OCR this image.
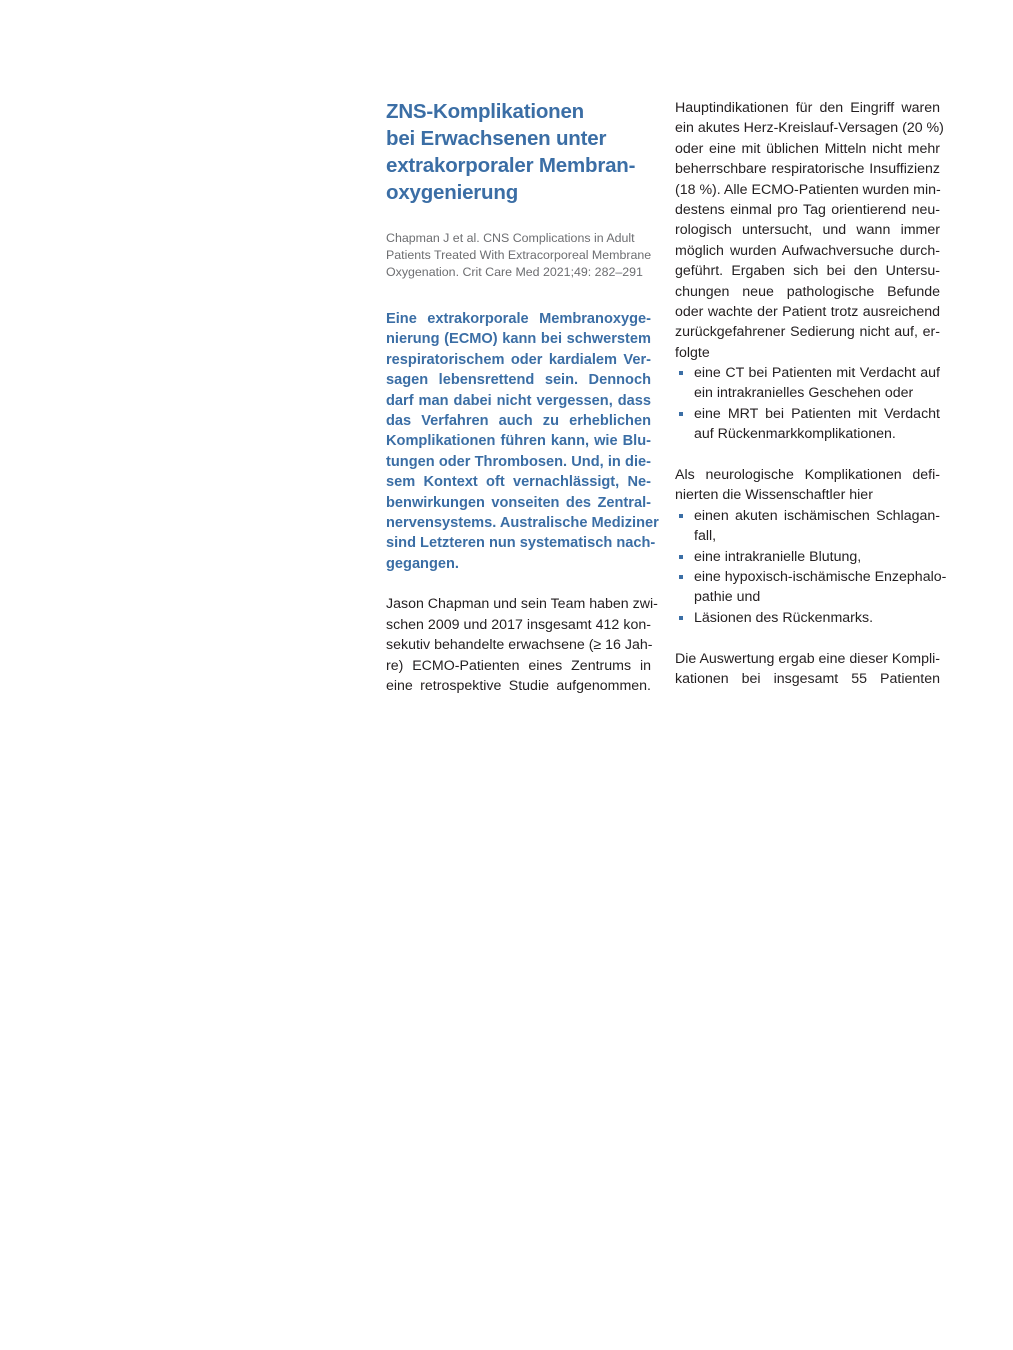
ZNS-Komplikationen
bei Erwachsenen unter
extrakorporaler Membran-
oxygenierung
Chapman J et al. CNS Complications in Adult
Patients Treated With Extracorporeal Membrane
Oxygenation. Crit Care Med 2021;49: 282–291
Eine extrakorporale Membranoxyge-
nierung (ECMO) kann bei schwerstem
respiratorischem oder kardialem Ver-
sagen lebensrettend sein. Dennoch
darf man dabei nicht vergessen, dass
das Verfahren auch zu erheblichen
Komplikationen führen kann, wie Blu-
tungen oder Thrombosen. Und, in die-
sem Kontext oft vernachlässigt, Ne-
benwirkungen vonseiten des Zentral-
nervensystems. Australische Mediziner
sind Letzteren nun systematisch nach-
gegangen.
Jason Chapman und sein Team haben zwi-
schen 2009 und 2017 insgesamt 412 kon-
sekutiv behandelte erwachsene (≥ 16 Jah-
re) ECMO-Patienten eines Zentrums in
eine retrospektive Studie aufgenommen.
Hauptindikationen für den Eingriff waren
ein akutes Herz-Kreislauf-Versagen (20 %)
oder eine mit üblichen Mitteln nicht mehr
beherrschbare respiratorische Insuffizienz
(18 %). Alle ECMO-Patienten wurden min-
destens einmal pro Tag orientierend neu-
rologisch untersucht, und wann immer
möglich wurden Aufwachversuche durch-
geführt. Ergaben sich bei den Untersu-
chungen neue pathologische Befunde
oder wachte der Patient trotz ausreichend
zurückgefahrener Sedierung nicht auf, er-
folgte
eine CT bei Patienten mit Verdacht auf
ein intrakranielles Geschehen oder
eine MRT bei Patienten mit Verdacht
auf Rückenmarkkomplikationen.
Als neurologische Komplikationen defi-
nierten die Wissenschaftler hier
einen akuten ischämischen Schlagan-
fall,
eine intrakranielle Blutung,
eine hypoxisch-ischämische Enzephalo-
pathie und
Läsionen des Rückenmarks.
Die Auswertung ergab eine dieser Kompli-
kationen bei insgesamt 55 Patienten
